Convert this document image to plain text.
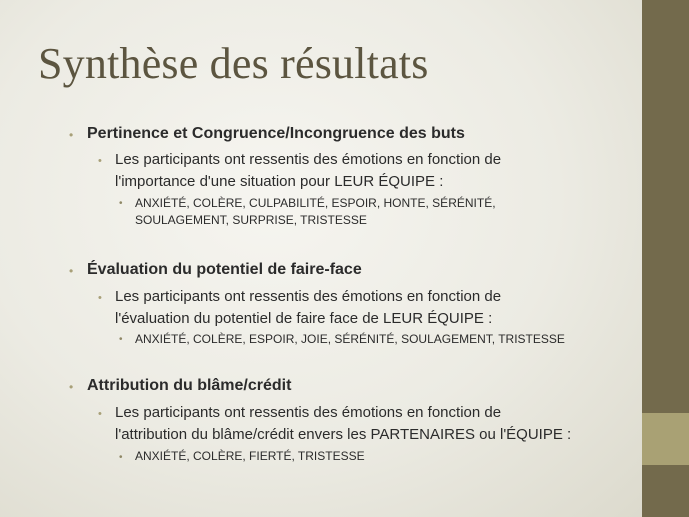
Synthèse des résultats
• Pertinence et Congruence/Incongruence des buts
• Les participants ont ressentis des émotions en fonction de
l'importance d'une situation pour LEUR ÉQUIPE :
• ANXIÉTÉ, COLÈRE, CULPABILITÉ, ESPOIR, HONTE, SÉRÉNITÉ,
SOULAGEMENT, SURPRISE, TRISTESSE
• Évaluation du potentiel de faire-face
• Les participants ont ressentis des émotions en fonction de
l'évaluation du potentiel de faire face de LEUR ÉQUIPE :
• ANXIÉTÉ, COLÈRE, ESPOIR, JOIE, SÉRÉNITÉ, SOULAGEMENT, TRISTESSE
• Attribution du blâme/crédit
• Les participants ont ressentis des émotions en fonction de
l'attribution du blâme/crédit envers les PARTENAIRES ou l'ÉQUIPE :
• ANXIÉTÉ, COLÈRE, FIERTÉ, TRISTESSE
